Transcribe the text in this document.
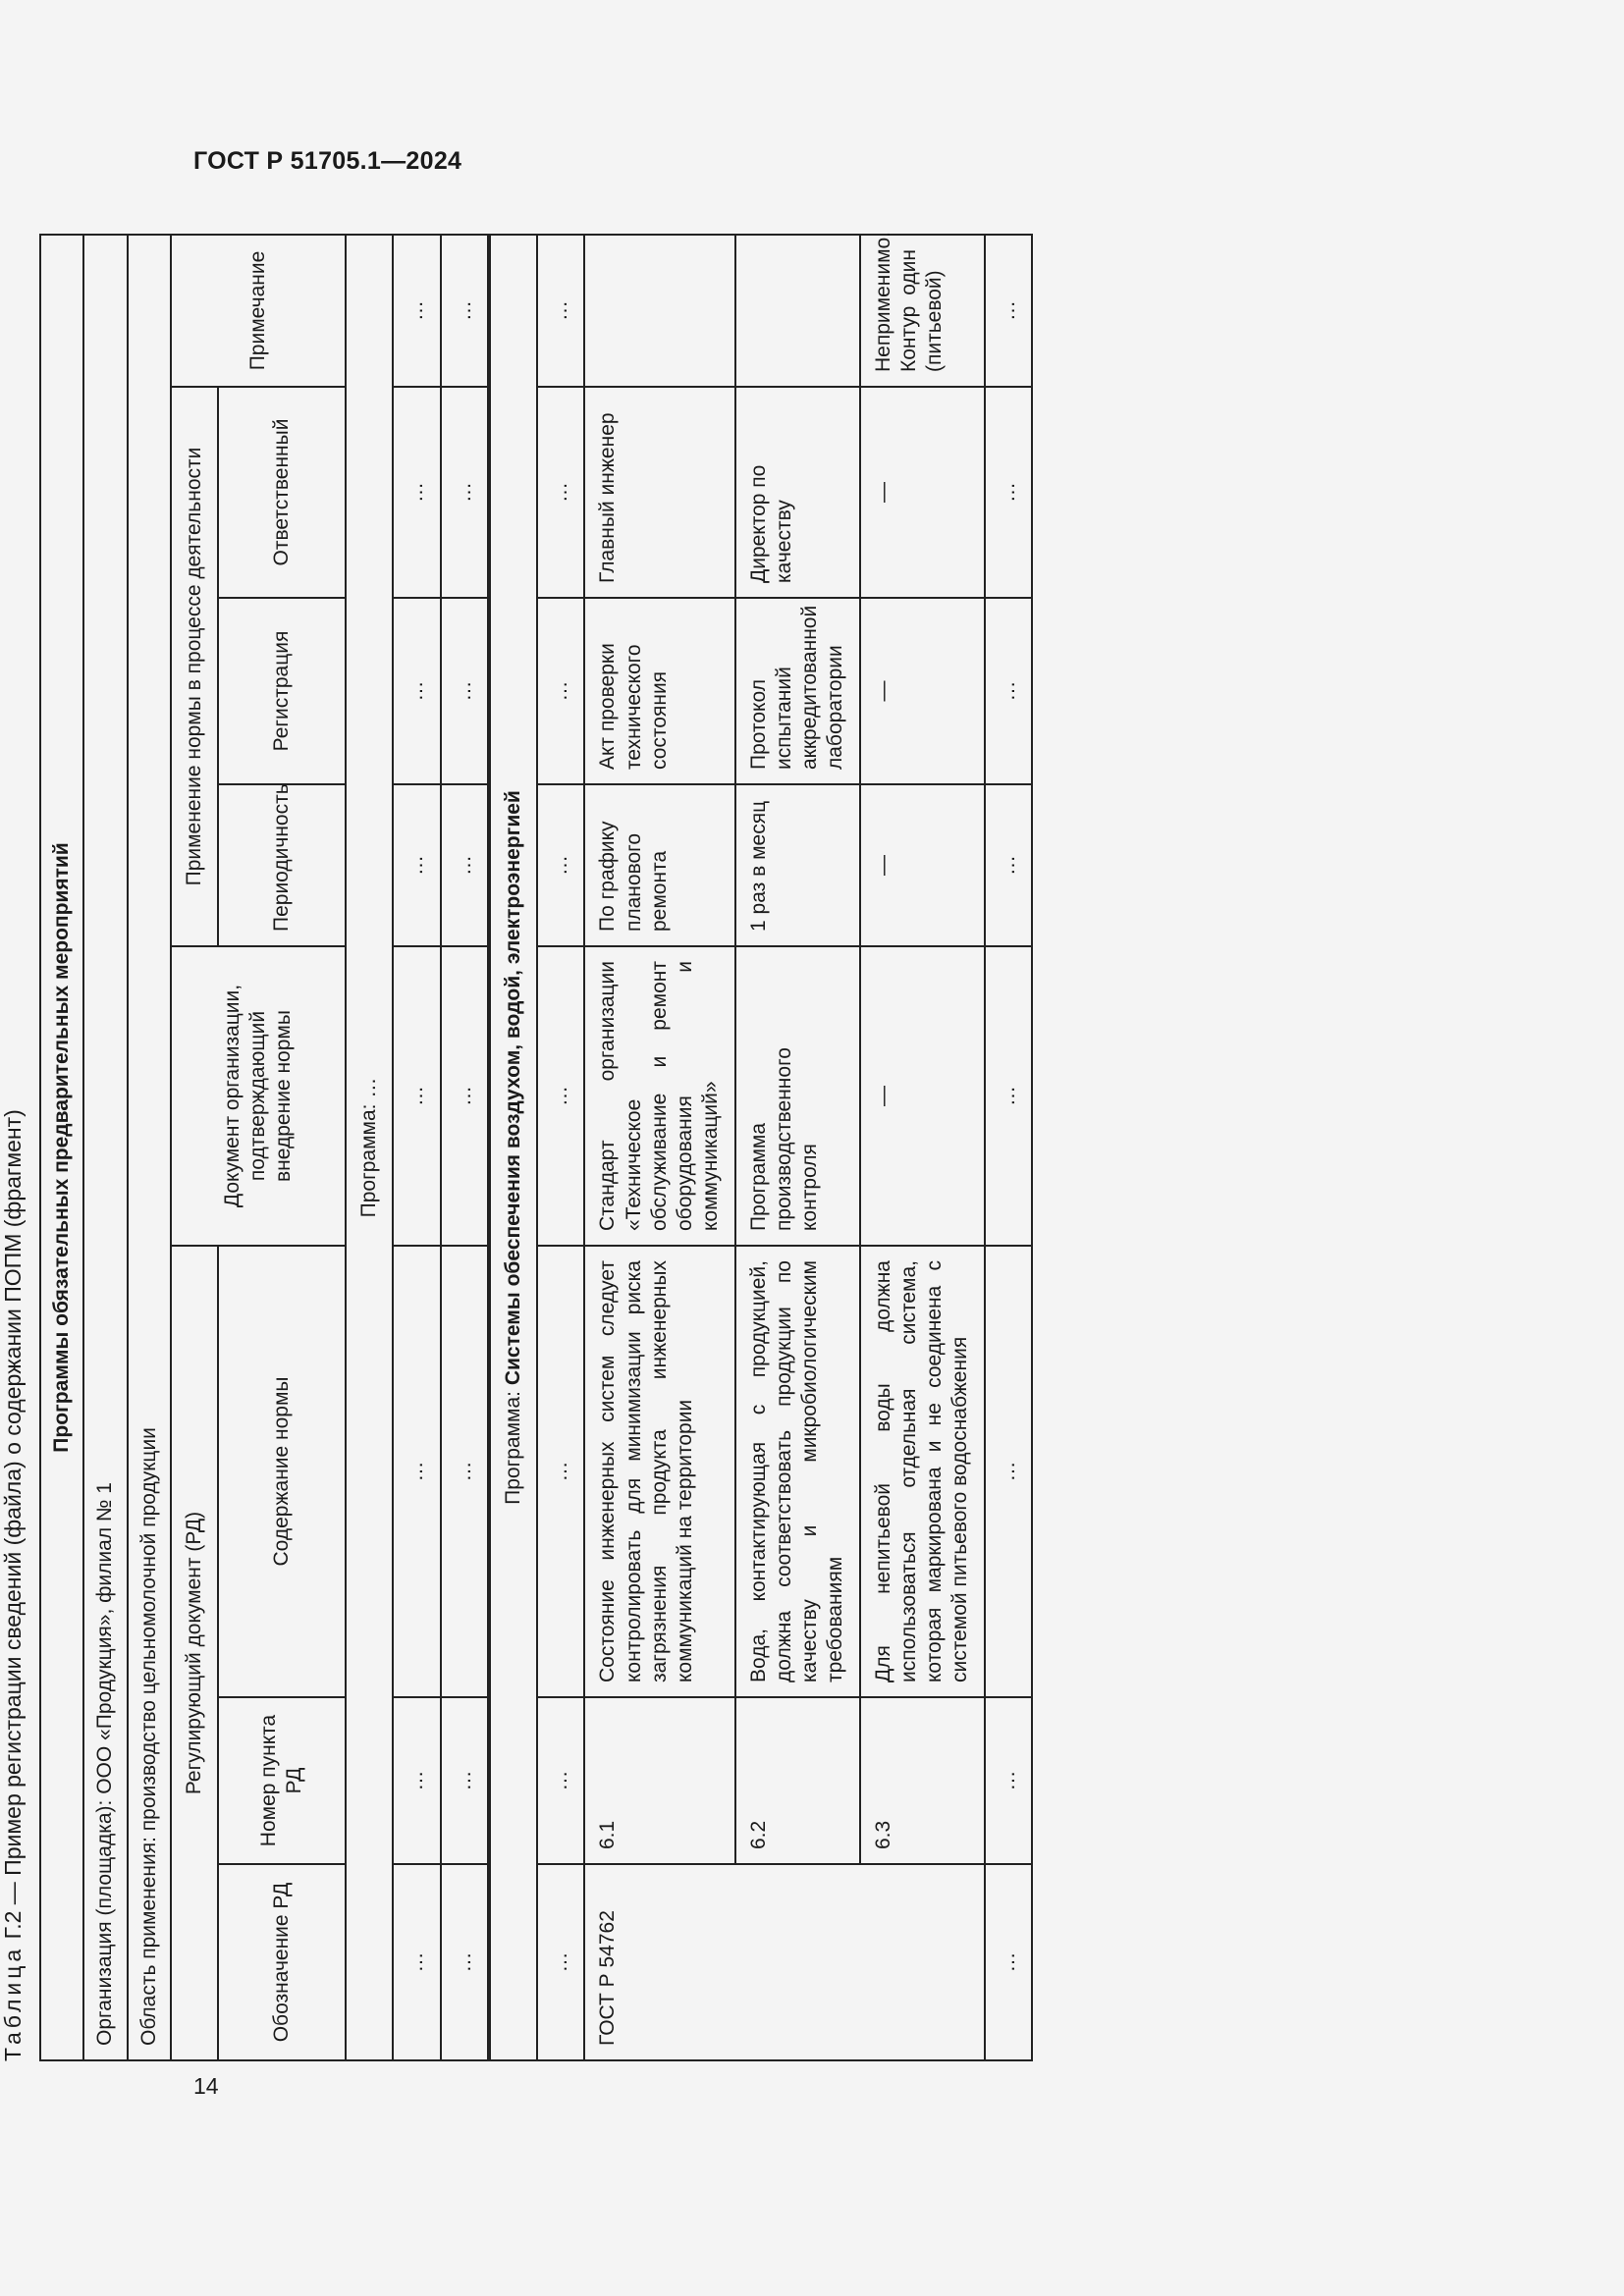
ГОСТ Р 51705.1—2024
14
Таблица Г.2 — Пример регистрации сведений (файла) о содержании ПОПМ (фрагмент) Программы обязательных предварительных мероприятий							
Организация (площадка): ООО «Продукция», филиал № 1							
Область применения: производство цельномолочной продукции							
Регулирующий документ (РД)			Документ организации, подтверждающий внедрение нормы	Применение нормы в процессе деятельности			Примечание
Обозначение РД	Номер пункта РД	Содержание нормы		Периодичность	Регистрация	Ответственный	
Программа: …							
…	…	…	…	…	…	…	…
…	…	…	…	…	…	…	…
Программа: Системы обеспечения воздухом, водой, электроэнергией							
…	…	…	…	…	…	…	…
ГОСТ Р 54762	6.1	Состояние инженерных систем следует контролировать для минимизации риска загрязнения продукта инженерных коммуникаций на территории	Стандарт организации «Техническое обслуживание и ремонт оборудования и коммуникаций»	По графику планового ремонта	Акт проверки технического состояния	Главный инженер	
	6.2	Вода, контактирующая с продукцией, должна соответствовать продукции по качеству и микробиологическим требованиям	Программа производственного контроля	1 раз в месяц	Протокол испытаний аккредитованной лаборатории	Директор по качеству	
	6.3	Для непитьевой воды должна использоваться отдельная система, которая маркирована и не соединена с системой питьевого водоснабжения	—	—	—	—	Неприменимо. Контур один (питьевой)
…	…	…	…	…	…	…	…
